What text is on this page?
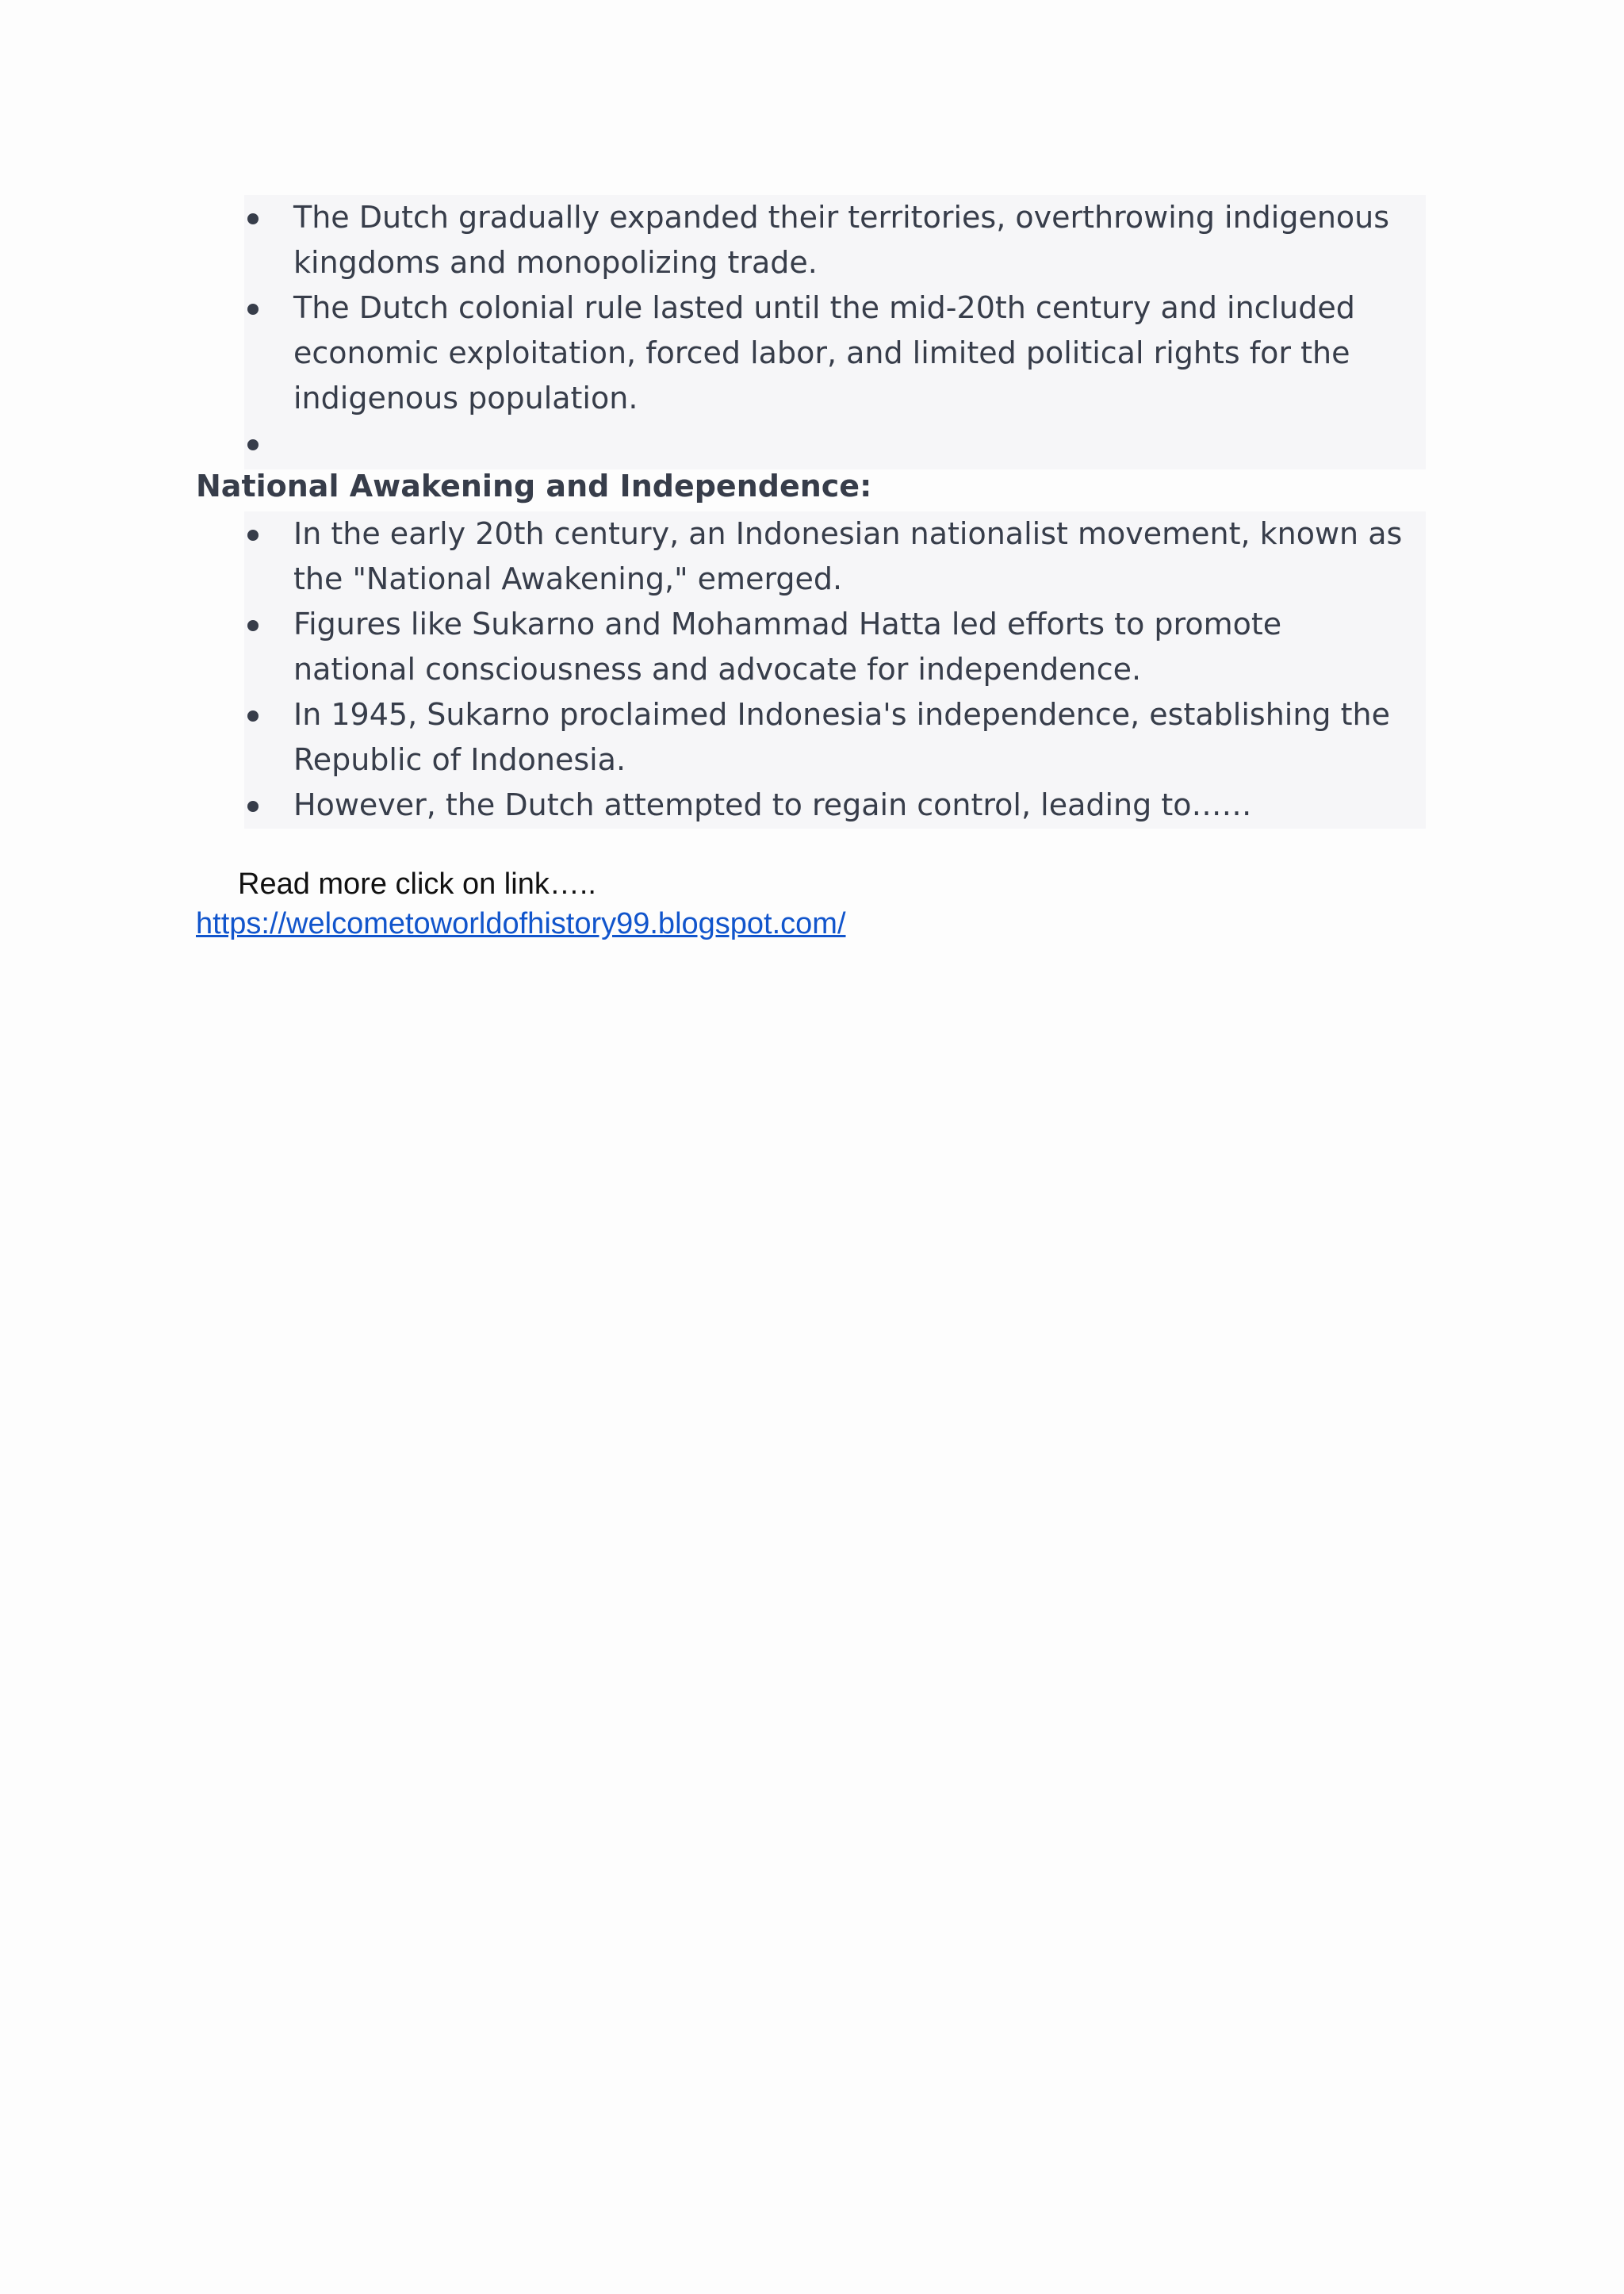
The Dutch gradually expanded their territories, overthrowing indigenous kingdoms and monopolizing trade.
The Dutch colonial rule lasted until the mid-20th century and included economic exploitation, forced labor, and limited political rights for the indigenous population.
National Awakening and Independence:
In the early 20th century, an Indonesian nationalist movement, known as the "National Awakening," emerged.
Figures like Sukarno and Mohammad Hatta led efforts to promote national consciousness and advocate for independence.
In 1945, Sukarno proclaimed Indonesia's independence, establishing the Republic of Indonesia.
However, the Dutch attempted to regain control, leading to……
Read more click on link…..
https://welcometoworldofhistory99.blogspot.com/
